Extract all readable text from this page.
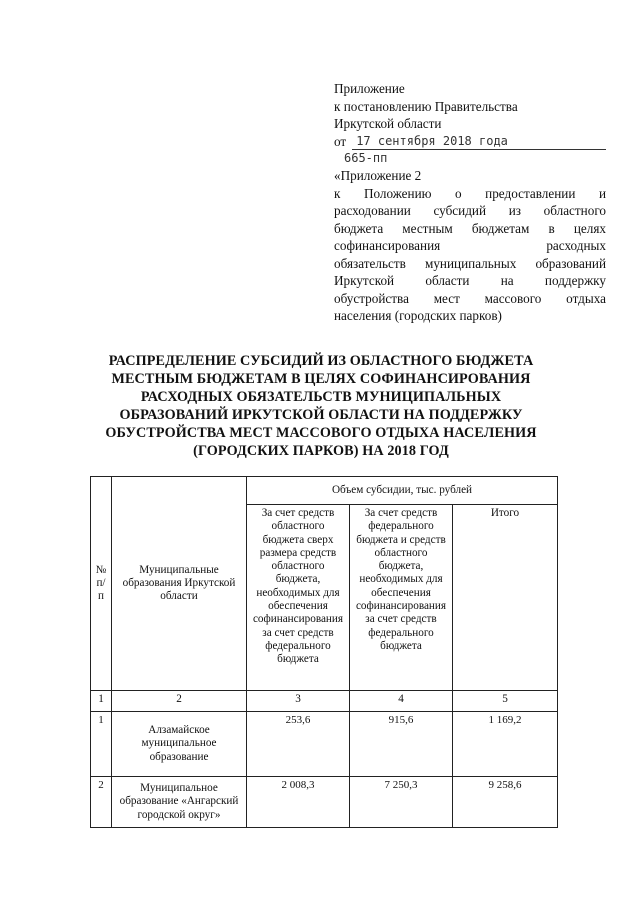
Приложение
к постановлению Правительства
Иркутской области
от 17 сентября 2018 года
665-пп
«Приложение 2
к Положению о предоставлении и
расходовании субсидий из областного
бюджета местным бюджетам в целях
софинансирования расходных
обязательств муниципальных образований
Иркутской области на поддержку
обустройства мест массового отдыха
населения (городских парков)
РАСПРЕДЕЛЕНИЕ СУБСИДИЙ ИЗ ОБЛАСТНОГО БЮДЖЕТА
МЕСТНЫМ БЮДЖЕТАМ В ЦЕЛЯХ СОФИНАНСИРОВАНИЯ
РАСХОДНЫХ ОБЯЗАТЕЛЬСТВ МУНИЦИПАЛЬНЫХ
ОБРАЗОВАНИЙ ИРКУТСКОЙ ОБЛАСТИ НА ПОДДЕРЖКУ
ОБУСТРОЙСТВА МЕСТ МАССОВОГО ОТДЫХА НАСЕЛЕНИЯ
(ГОРОДСКИХ ПАРКОВ) НА 2018 ГОД
№ п/п	Муниципальные образования Иркутской области	Объем субсидии, тыс. рублей		
		За счет средств областного бюджета сверх размера средств областного бюджета, необходимых для обеспечения софинансирования за счет средств федерального бюджета	За счет средств федерального бюджета и средств областного бюджета, необходимых для обеспечения софинансирования за счет средств федерального бюджета	Итого
1	2	3	4	5
1	Алзамайское муниципальное образование	253,6	915,6	1 169,2
2	Муниципальное образование «Ангарский городской округ»	2 008,3	7 250,3	9 258,6
